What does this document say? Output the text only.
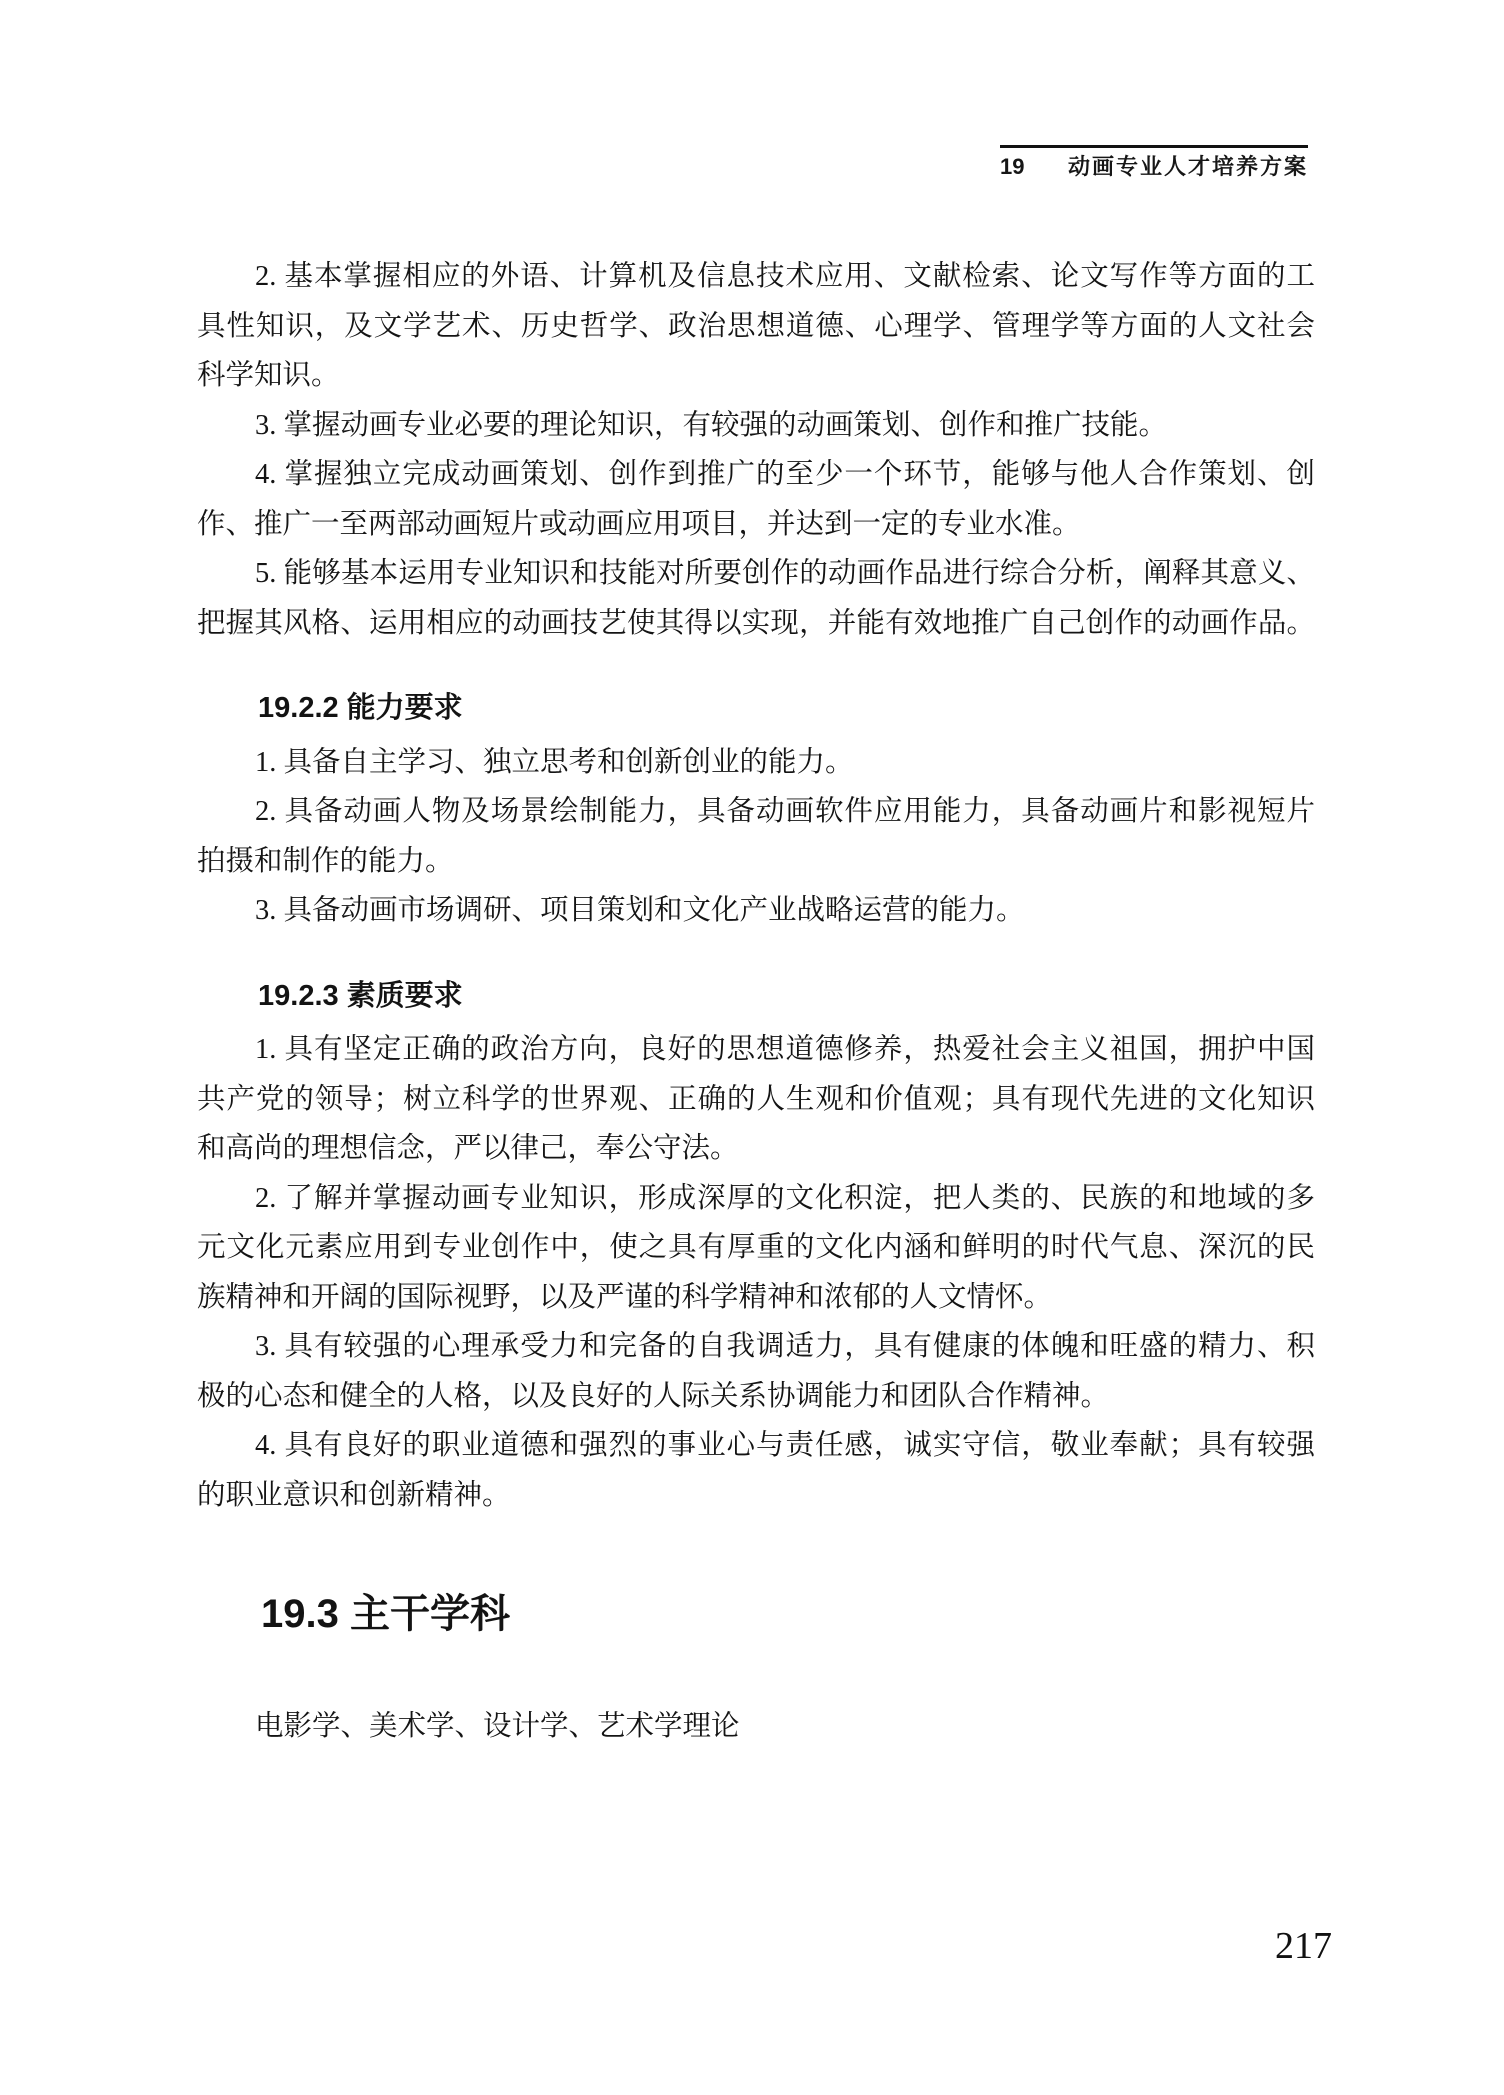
19 动画专业人才培养方案
2. 基本掌握相应的外语、计算机及信息技术应用、文献检索、论文写作等方面的工
具性知识，及文学艺术、历史哲学、政治思想道德、心理学、管理学等方面的人文社会
科学知识。
3. 掌握动画专业必要的理论知识，有较强的动画策划、创作和推广技能。
4. 掌握独立完成动画策划、创作到推广的至少一个环节，能够与他人合作策划、创
作、推广一至两部动画短片或动画应用项目，并达到一定的专业水准。
5. 能够基本运用专业知识和技能对所要创作的动画作品进行综合分析，阐释其意义、
把握其风格、运用相应的动画技艺使其得以实现，并能有效地推广自己创作的动画作品。
19.2.2 能力要求
1. 具备自主学习、独立思考和创新创业的能力。
2. 具备动画人物及场景绘制能力，具备动画软件应用能力，具备动画片和影视短片
拍摄和制作的能力。
3. 具备动画市场调研、项目策划和文化产业战略运营的能力。
19.2.3 素质要求
1. 具有坚定正确的政治方向，良好的思想道德修养，热爱社会主义祖国，拥护中国
共产党的领导；树立科学的世界观、正确的人生观和价值观；具有现代先进的文化知识
和高尚的理想信念，严以律己，奉公守法。
2. 了解并掌握动画专业知识，形成深厚的文化积淀，把人类的、民族的和地域的多
元文化元素应用到专业创作中，使之具有厚重的文化内涵和鲜明的时代气息、深沉的民
族精神和开阔的国际视野，以及严谨的科学精神和浓郁的人文情怀。
3. 具有较强的心理承受力和完备的自我调适力，具有健康的体魄和旺盛的精力、积
极的心态和健全的人格，以及良好的人际关系协调能力和团队合作精神。
4. 具有良好的职业道德和强烈的事业心与责任感，诚实守信，敬业奉献；具有较强
的职业意识和创新精神。
19.3 主干学科
电影学、美术学、设计学、艺术学理论
217
